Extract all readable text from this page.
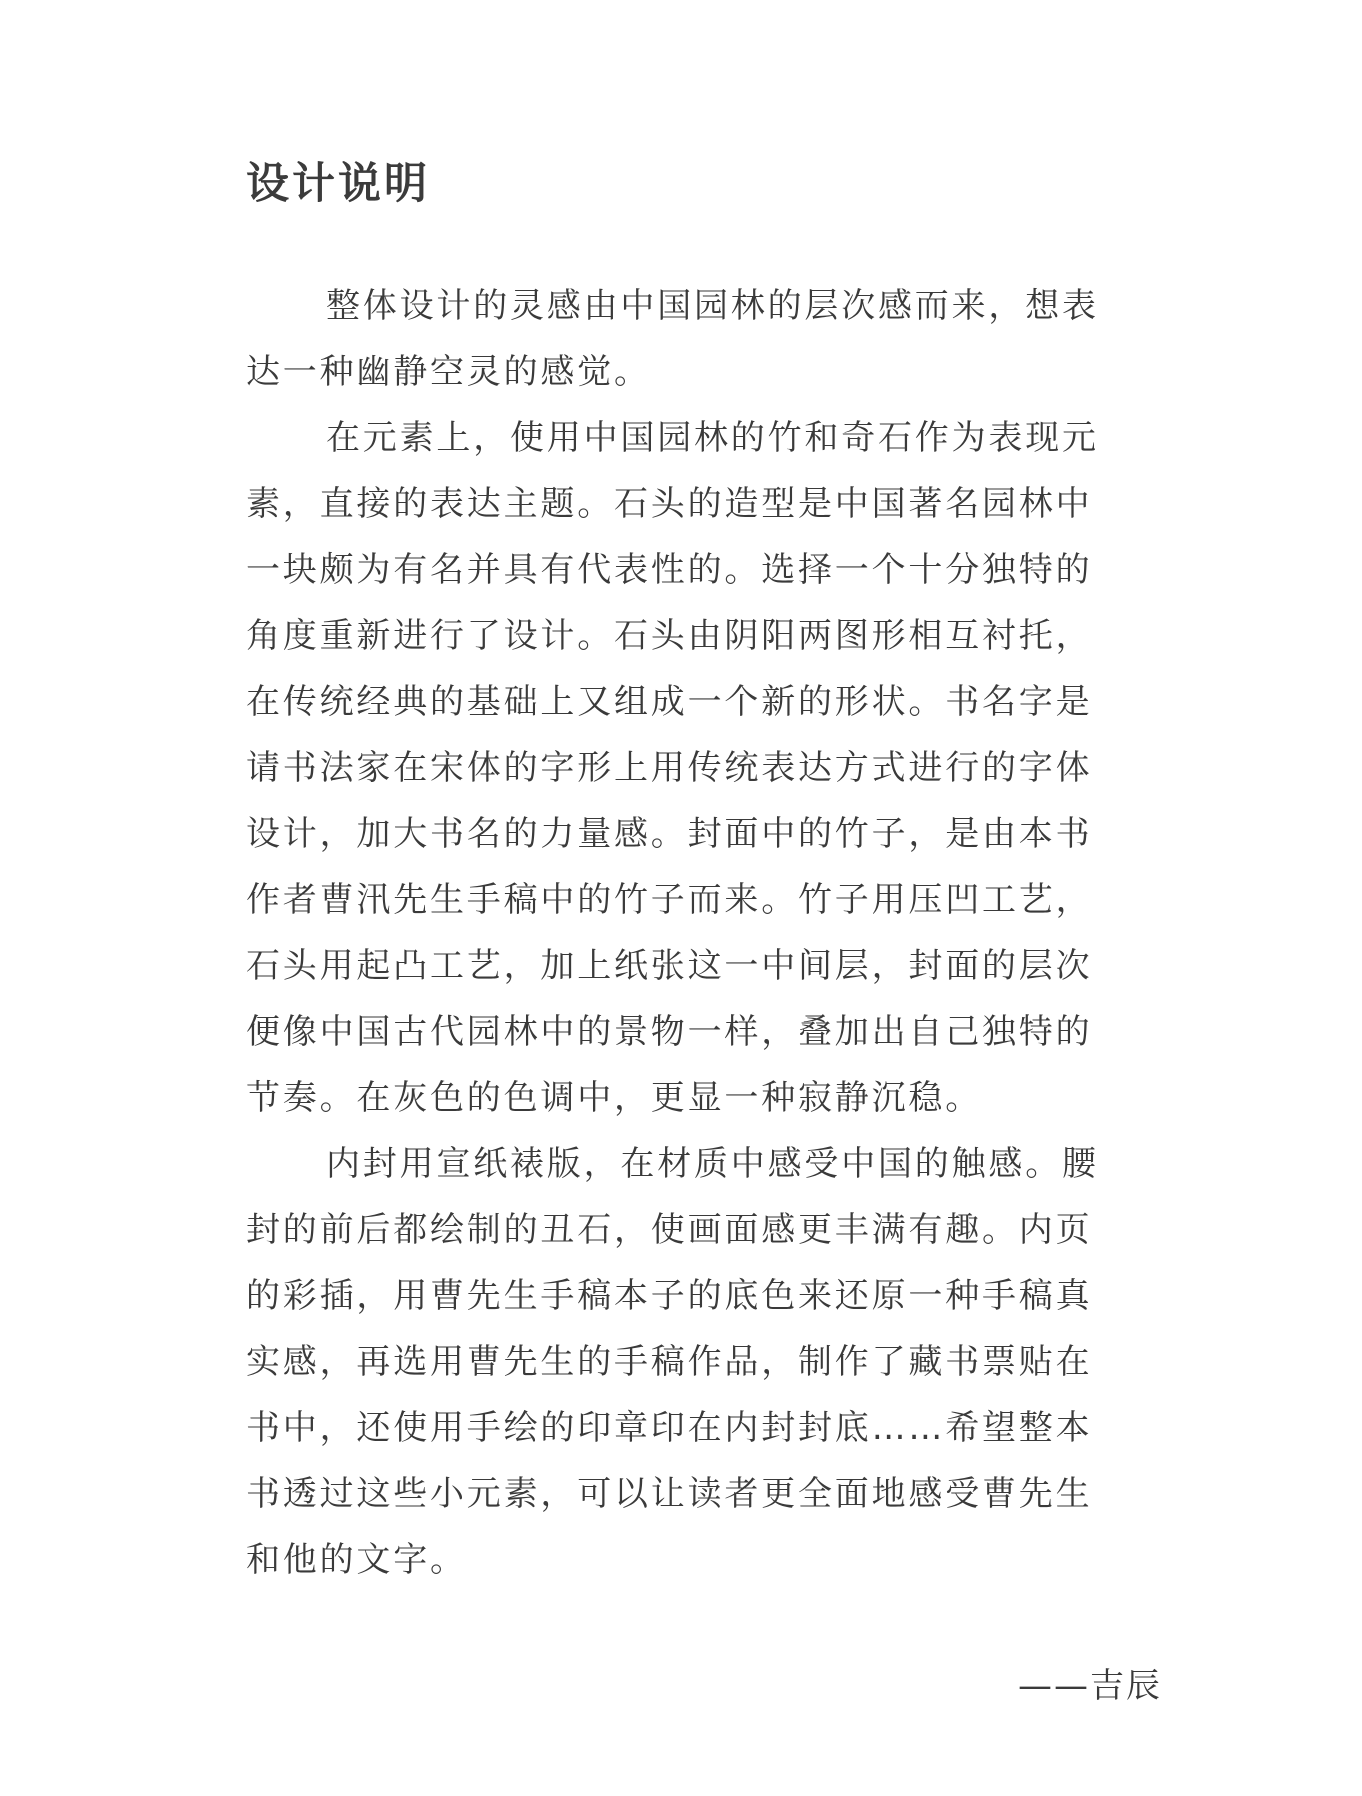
设计说明
整体设计的灵感由中国园林的层次感而来，想表
达一种幽静空灵的感觉。
在元素上，使用中国园林的竹和奇石作为表现元
素，直接的表达主题。石头的造型是中国著名园林中
一块颇为有名并具有代表性的。选择一个十分独特的
角度重新进行了设计。石头由阴阳两图形相互衬托，
在传统经典的基础上又组成一个新的形状。书名字是
请书法家在宋体的字形上用传统表达方式进行的字体
设计，加大书名的力量感。封面中的竹子，是由本书
作者曹汛先生手稿中的竹子而来。竹子用压凹工艺，
石头用起凸工艺，加上纸张这一中间层，封面的层次
便像中国古代园林中的景物一样，叠加出自己独特的
节奏。在灰色的色调中，更显一种寂静沉稳。
内封用宣纸裱版，在材质中感受中国的触感。腰
封的前后都绘制的丑石，使画面感更丰满有趣。内页
的彩插，用曹先生手稿本子的底色来还原一种手稿真
实感，再选用曹先生的手稿作品，制作了藏书票贴在
书中，还使用手绘的印章印在内封封底……希望整本
书透过这些小元素，可以让读者更全面地感受曹先生
和他的文字。
——吉辰
